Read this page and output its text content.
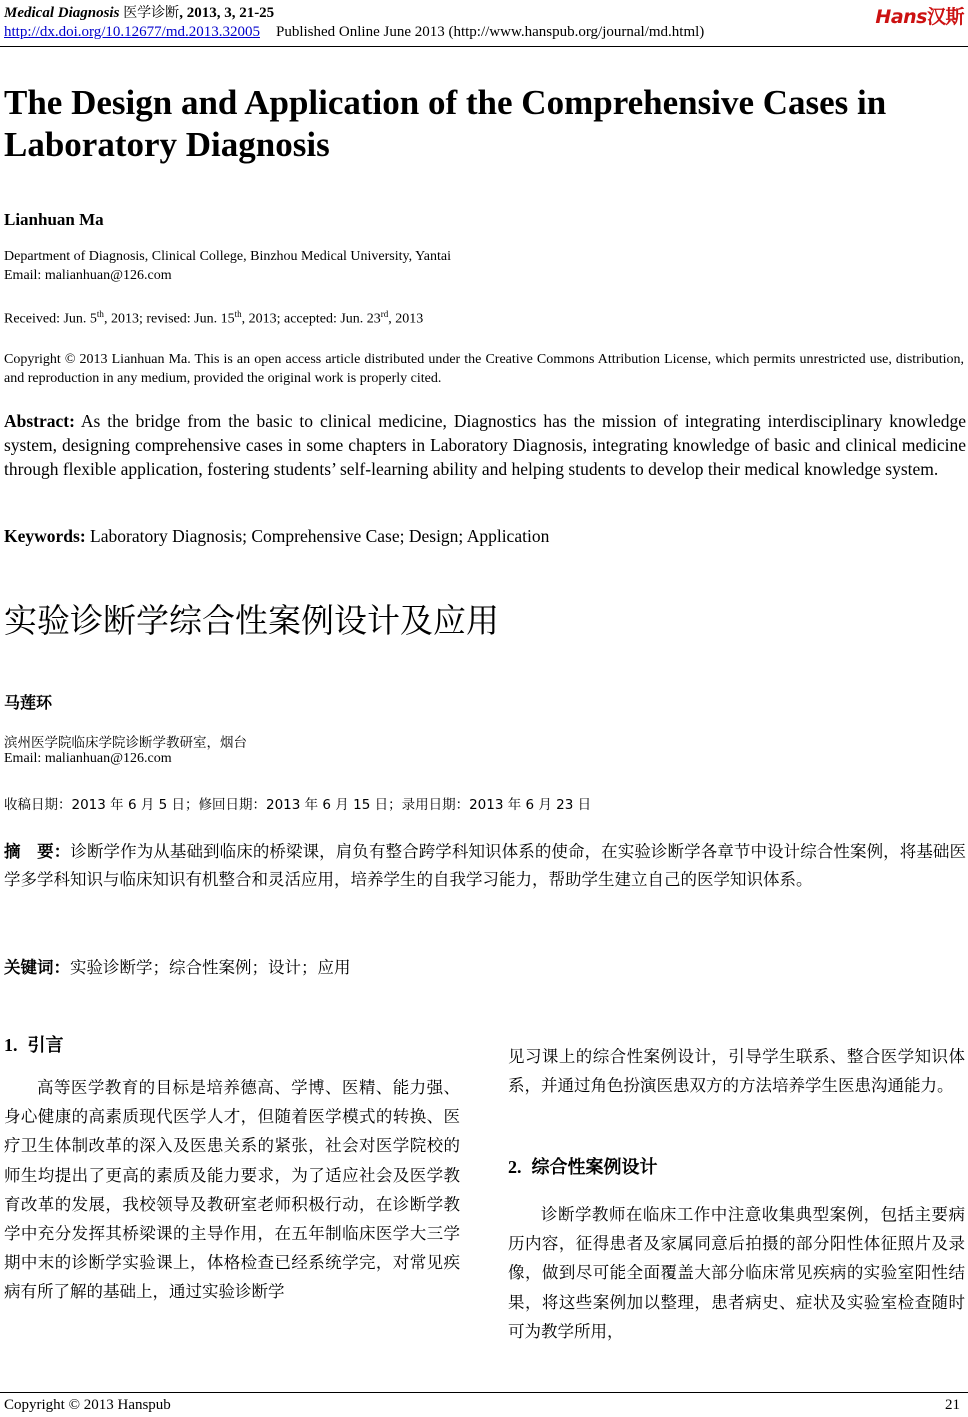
Medical Diagnosis 医学诊断, 2013, 3, 21-25
http://dx.doi.org/10.12677/md.2013.32005 Published Online June 2013 (http://www.hanspub.org/journal/md.html)
Hans汉斯
The Design and Application of the Comprehensive Cases in Laboratory Diagnosis
Lianhuan Ma
Department of Diagnosis, Clinical College, Binzhou Medical University, Yantai
Email: malianhuan@126.com
Received: Jun. 5th, 2013; revised: Jun. 15th, 2013; accepted: Jun. 23rd, 2013
Copyright © 2013 Lianhuan Ma. This is an open access article distributed under the Creative Commons Attribution License, which permits unrestricted use, distribution, and reproduction in any medium, provided the original work is properly cited.
Abstract: As the bridge from the basic to clinical medicine, Diagnostics has the mission of integrating interdisciplinary knowledge system, designing comprehensive cases in some chapters in Laboratory Diagnosis, integrating knowledge of basic and clinical medicine through flexible application, fostering students’ self-learning ability and helping students to develop their medical knowledge system.
Keywords: Laboratory Diagnosis; Comprehensive Case; Design; Application
实验诊断学综合性案例设计及应用
马莲环
滨州医学院临床学院诊断学教研室，烟台
Email: malianhuan@126.com
收稿日期：2013 年 6 月 5 日；修回日期：2013 年 6 月 15 日；录用日期：2013 年 6 月 23 日
摘　要：诊断学作为从基础到临床的桥梁课，肩负有整合跨学科知识体系的使命，在实验诊断学各章节中设计综合性案例，将基础医学多学科知识与临床知识有机整合和灵活应用，培养学生的自我学习能力，帮助学生建立自己的医学知识体系。
关键词：实验诊断学；综合性案例；设计；应用
1. 引言
高等医学教育的目标是培养德高、学博、医精、能力强、身心健康的高素质现代医学人才，但随着医学模式的转换、医疗卫生体制改革的深入及医患关系的紧张，社会对医学院校的师生均提出了更高的素质及能力要求，为了适应社会及医学教育改革的发展，我校领导及教研室老师积极行动，在诊断学教学中充分发挥其桥梁课的主导作用，在五年制临床医学大三学期中末的诊断学实验课上，体格检查已经系统学完，对常见疾病有所了解的基础上，通过实验诊断学
见习课上的综合性案例设计，引导学生联系、整合医学知识体系，并通过角色扮演医患双方的方法培养学生医患沟通能力。
2. 综合性案例设计
诊断学教师在临床工作中注意收集典型案例，包括主要病历内容，征得患者及家属同意后拍摄的部分阳性体征照片及录像，做到尽可能全面覆盖大部分临床常见疾病的实验室阳性结果，将这些案例加以整理，患者病史、症状及实验室检查随时可为教学所用，
Copyright © 2013 Hanspub	21
